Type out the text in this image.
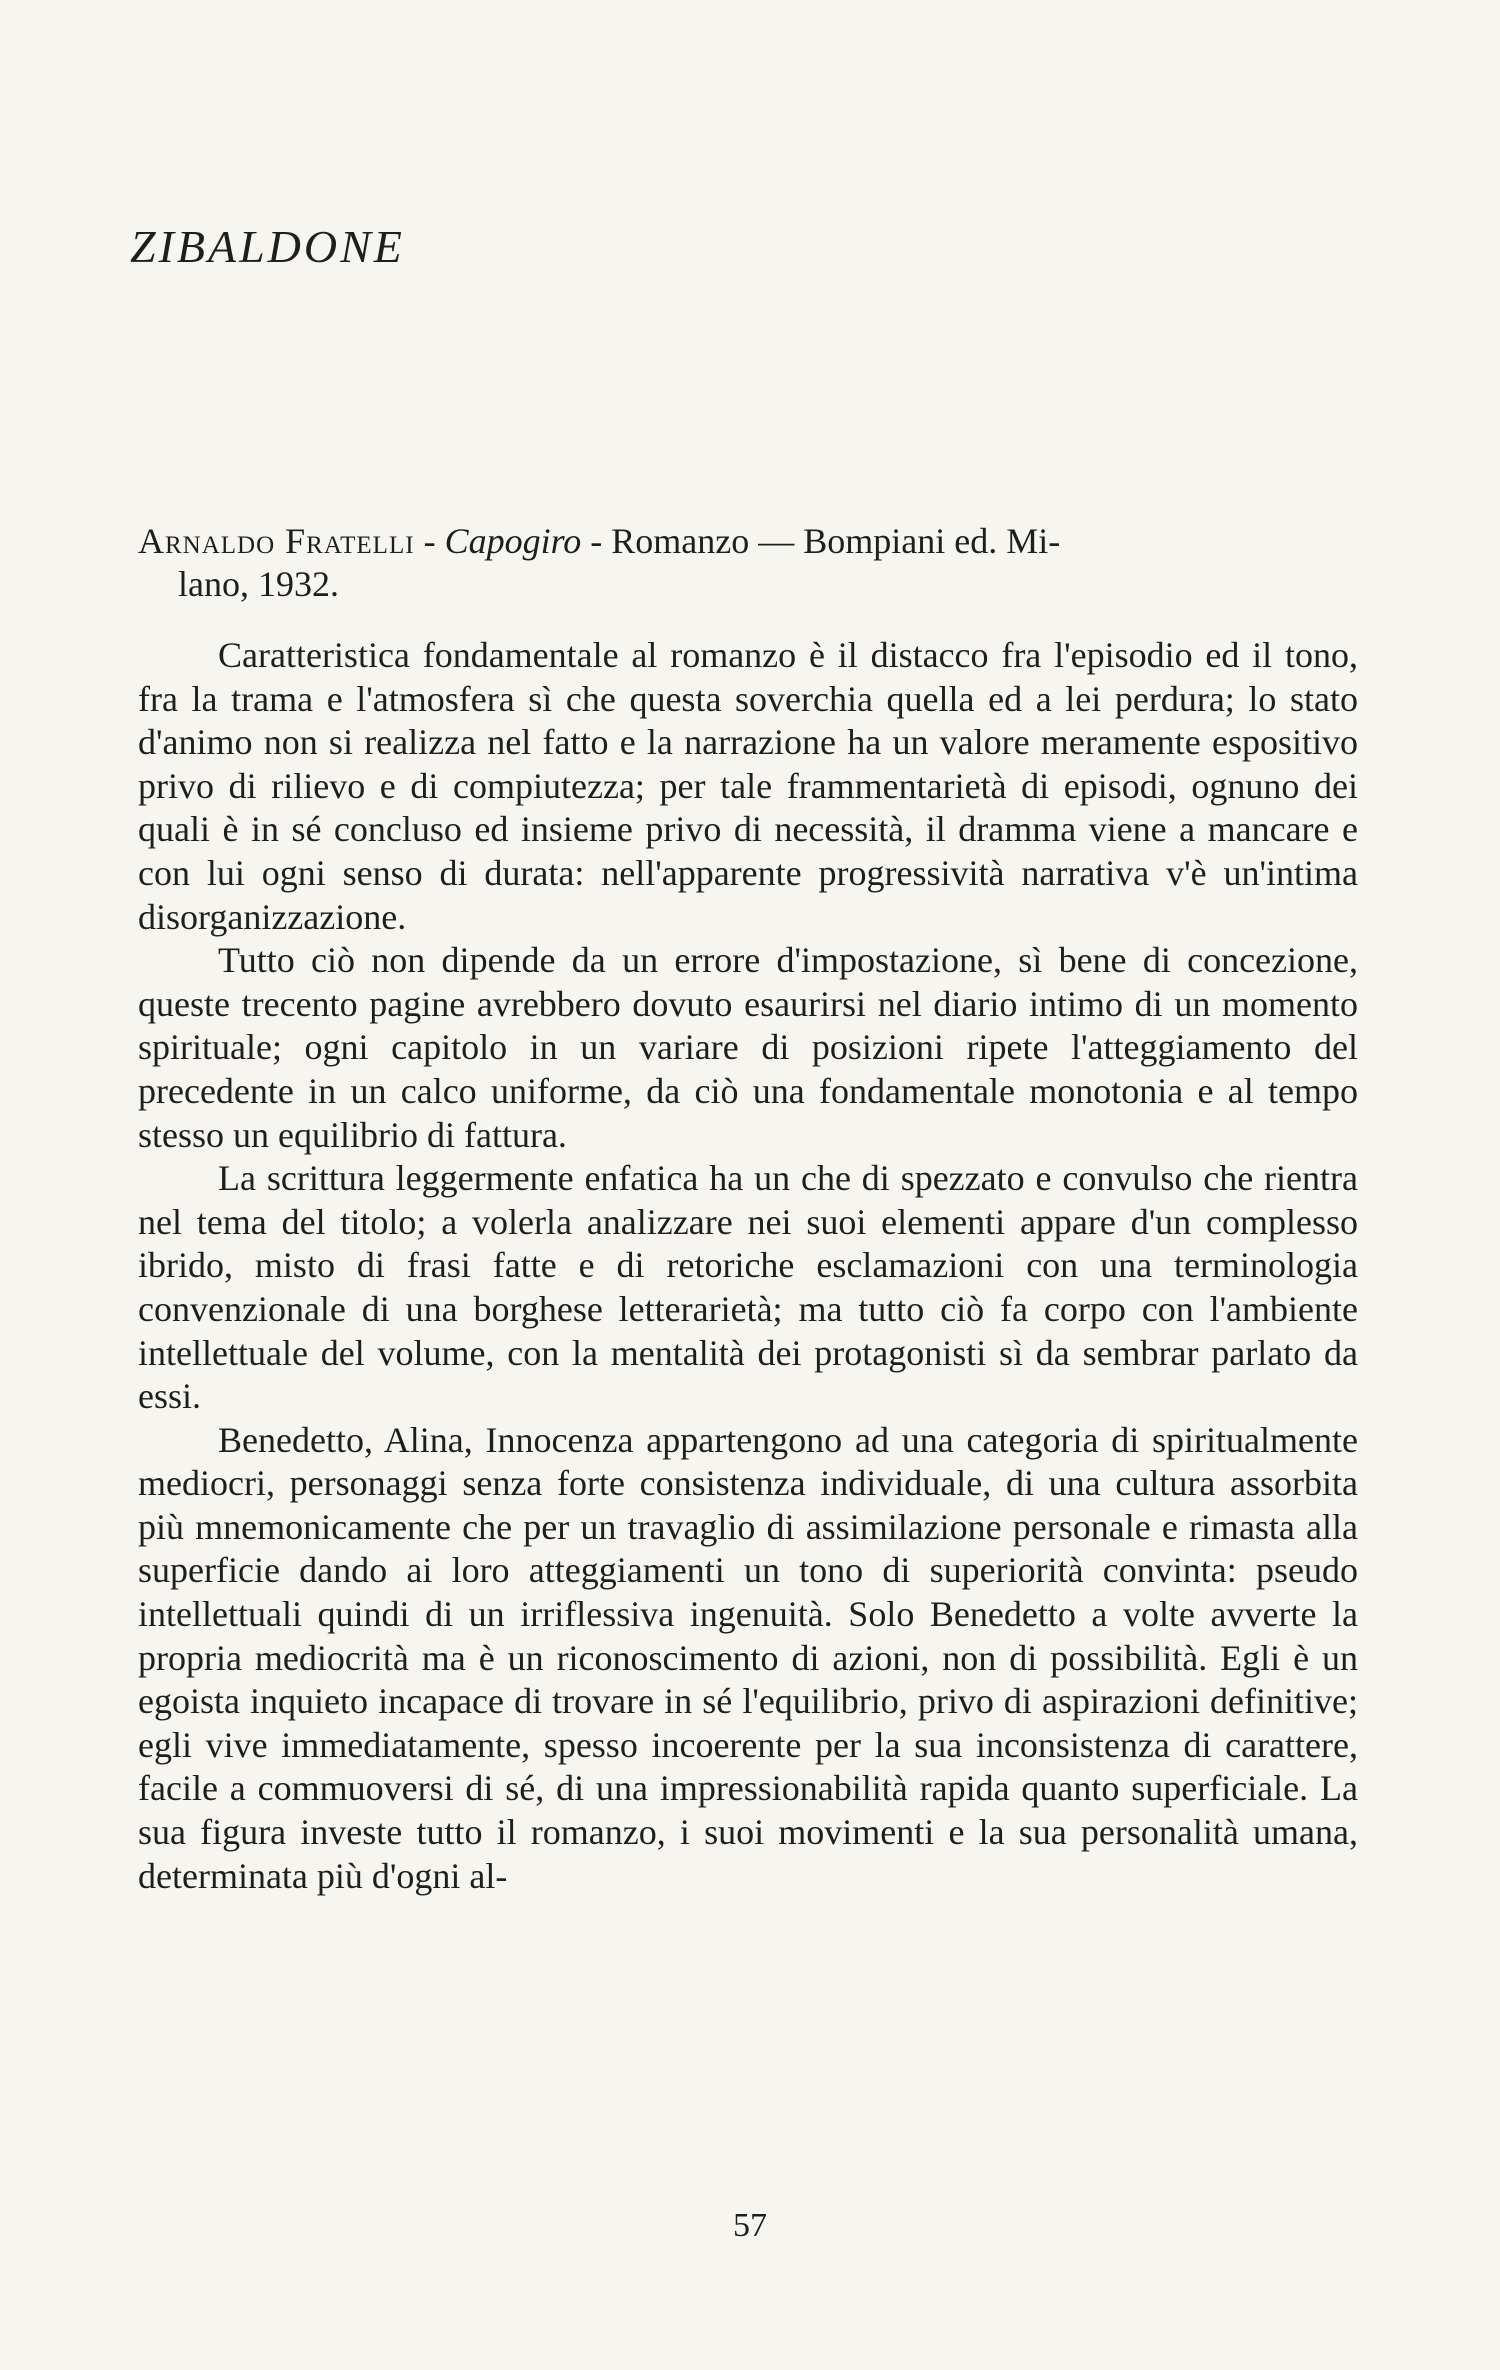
ZIBALDONE

Arnaldo Fratelli - Capogiro - Romanzo — Bompiani ed. Mi-
lano, 1932.

Caratteristica fondamentale al romanzo è il distacco fra l'episodio ed il tono, fra la trama e l'atmosfera sì che questa soverchia quella ed a lei perdura; lo stato d'animo non si realizza nel fatto e la narrazione ha un valore meramente espositivo privo di rilievo e di compiutezza; per tale frammentarietà di episodi, ognuno dei quali è in sé concluso ed insieme privo di necessità, il dramma viene a mancare e con lui ogni senso di durata: nell'apparente progressività narrativa v'è un'intima disorganizzazione.

Tutto ciò non dipende da un errore d'impostazione, sì bene di concezione, queste trecento pagine avrebbero dovuto esaurirsi nel diario intimo di un momento spirituale; ogni capitolo in un variare di posizioni ripete l'atteggiamento del precedente in un calco uniforme, da ciò una fondamentale monotonia e al tempo stesso un equilibrio di fattura.

La scrittura leggermente enfatica ha un che di spezzato e convulso che rientra nel tema del titolo; a volerla analizzare nei suoi elementi appare d'un complesso ibrido, misto di frasi fatte e di retoriche esclamazioni con una terminologia convenzionale di una borghese letterarietà; ma tutto ciò fa corpo con l'ambiente intellettuale del volume, con la mentalità dei protagonisti sì da sembrar parlato da essi.

Benedetto, Alina, Innocenza appartengono ad una categoria di spiritualmente mediocri, personaggi senza forte consistenza individuale, di una cultura assorbita più mnemonicamente che per un travaglio di assimilazione personale e rimasta alla superficie dando ai loro atteggiamenti un tono di superiorità convinta: pseudo intellettuali quindi di un irriflessiva ingenuità. Solo Benedetto a volte avverte la propria mediocrità ma è un riconoscimento di azioni, non di possibilità. Egli è un egoista inquieto incapace di trovare in sé l'equilibrio, privo di aspirazioni definitive; egli vive immediatamente, spesso incoerente per la sua inconsistenza di carattere, facile a commuoversi di sé, di una impressionabilità rapida quanto superficiale. La sua figura investe tutto il romanzo, i suoi movimenti e la sua personalità umana, determinata più d'ogni al-

57
